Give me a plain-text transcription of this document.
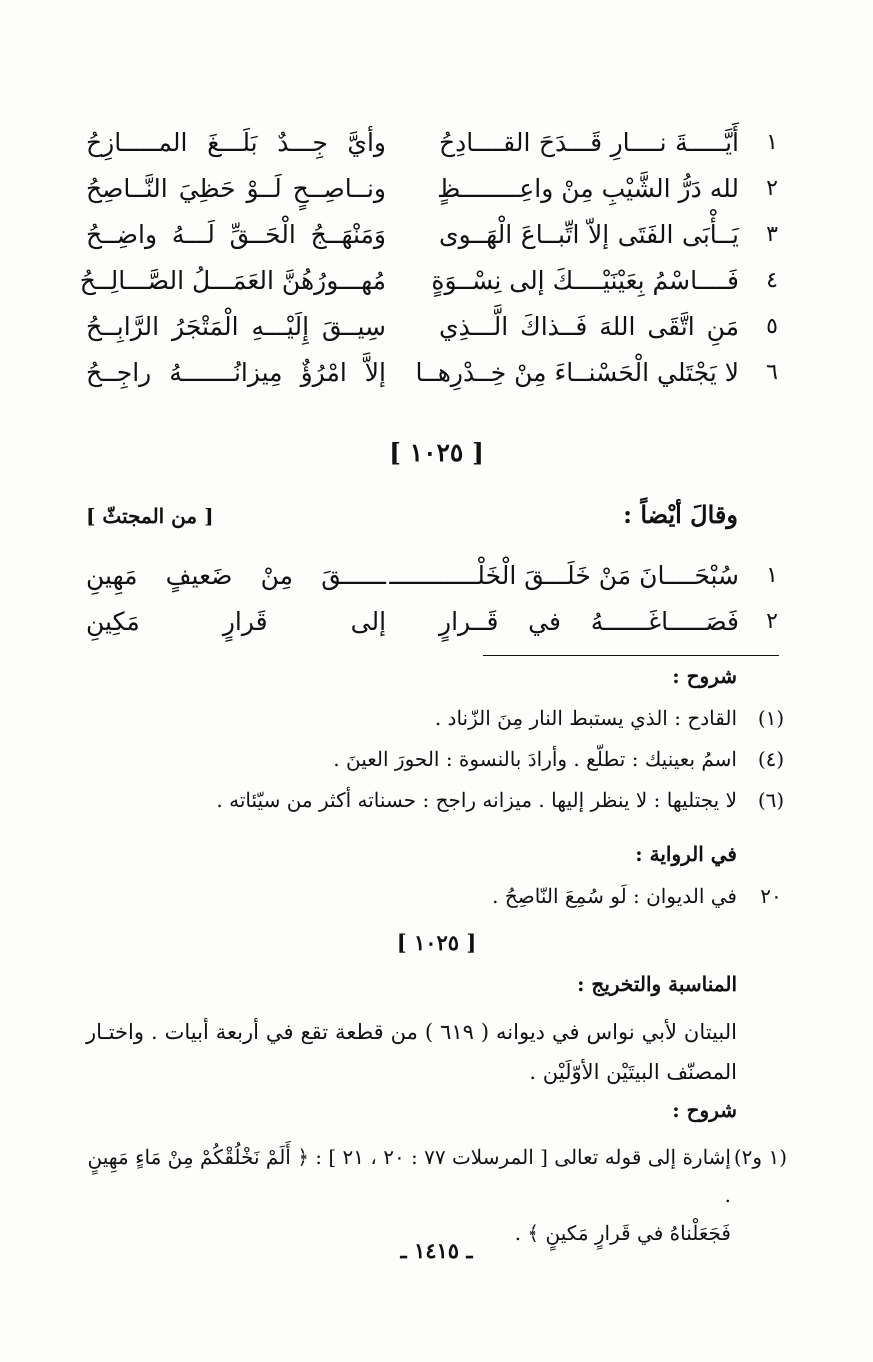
١
أَيَّـــــةَ نــــارِ قَـــدَحَ القــــادِحُ
وأيَّ جِـــدٌ بَلَـــغَ المـــــازِحُ
٢
لله دَرُّ الشَّيْبِ مِنْ واعِــــــــظٍ
ونــاصِــحٍ لَــوْ حَظِيَ النَّــاصِحُ
٣
يَــأْبَى الفَتَى إلاّ اتِّبــاعَ الْهَــوى
وَمَنْهَــجُ الْحَــقِّ لَـــهُ واضِــحُ
٤
فَــــاسْمُ بِعَيْنَيْــــكَ إلى نِسْــوَةٍ
مُهـــورُهُنَّ العَمَـــلُ الصَّـــالِــحُ
٥
مَنِ اتَّقَى اللهَ فَــذاكَ الَّـــذِي
سِيــقَ إِلَيْـــهِ الْمَتْجَرُ الرَّابِــحُ
٦
لا يَجْتَلي الْحَسْنــاءَ مِنْ خِــدْرِهــا
إلاَّ امْرُؤٌ مِيزانُـــــــهُ راجِــحُ
[ ١٠٢٥ ]
وقالَ أيْضاً :
[ من المجتثّ ]
١
سُبْحَــــانَ مَنْ خَلَـــقَ الْخَلْــــــــــــ
ــــــقَ مِنْ ضَعيفٍ مَهِينِ
٢
فَصَـــــاغَــــــهُ في قَــرارٍ
إلى قَرارٍ مَكِينِ
شروح :
(١)
القادح : الذي يستبط النار مِنَ الزّناد .
(٤)
اسمُ بعينيك : تطلّع . وأرادَ بالنسوة : الحورَ العينَ .
(٦)
لا يجتليها : لا ينظر إليها . ميزانه راجح : حسناته أكثر من سيّئاته .
في الرواية :
٢٠
في الديوان : لَو سُمِعَ النّاصِحُ .
[ ١٠٢٥ ]
المناسبة والتخريج :
البيتان لأبي نواس في ديوانه ( ٦١٩ ) من قطعة تقع في أربعة أبيات . واختـار المصنّف البيتَيْن الأوّلَيْن .
شروح :
(١ و٢)
إشارة إلى قوله تعالى [ المرسلات ٧٧ : ٢٠ ، ٢١ ] : ﴿ أَلَمْ نَخْلُقْكُمْ مِنْ مَاءٍ مَهِينٍ .
فَجَعَلْناهُ في قَرارٍ مَكينٍ ﴾ .
ـ ١٤١٥ ـ
